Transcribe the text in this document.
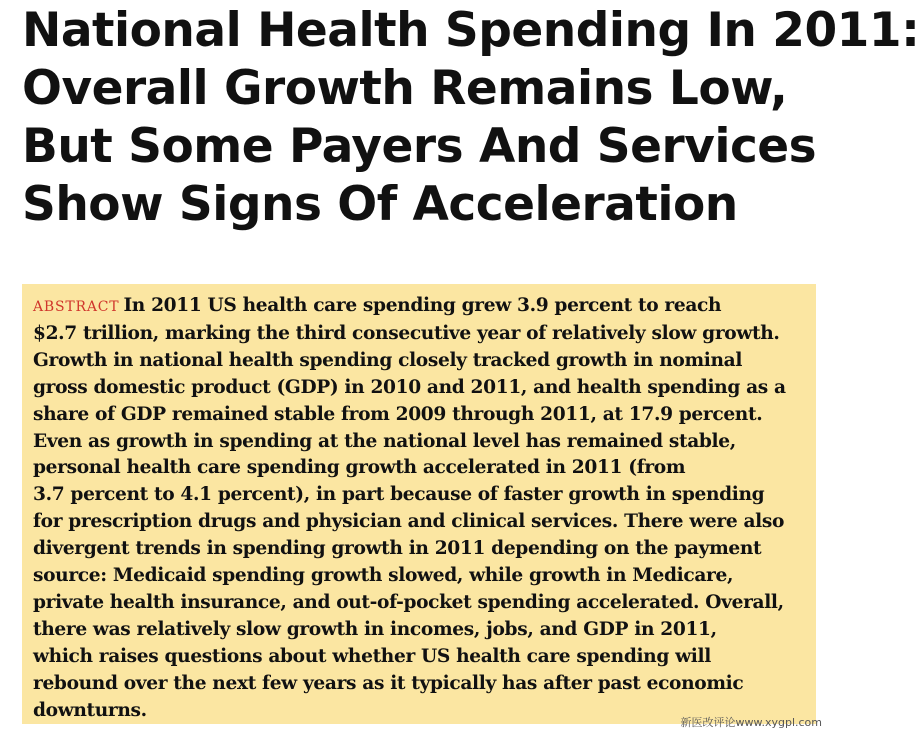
National Health Spending In 2011:
Overall Growth Remains Low,
But Some Payers And Services
Show Signs Of Acceleration

ABSTRACT In 2011 US health care spending grew 3.9 percent to reach
$2.7 trillion, marking the third consecutive year of relatively slow growth.
Growth in national health spending closely tracked growth in nominal
gross domestic product (GDP) in 2010 and 2011, and health spending as a
share of GDP remained stable from 2009 through 2011, at 17.9 percent.
Even as growth in spending at the national level has remained stable,
personal health care spending growth accelerated in 2011 (from
3.7 percent to 4.1 percent), in part because of faster growth in spending
for prescription drugs and physician and clinical services. There were also
divergent trends in spending growth in 2011 depending on the payment
source: Medicaid spending growth slowed, while growth in Medicare,
private health insurance, and out-of-pocket spending accelerated. Overall,
there was relatively slow growth in incomes, jobs, and GDP in 2011,
which raises questions about whether US health care spending will
rebound over the next few years as it typically has after past economic
downturns.

新医改评论www.xygpl.com
